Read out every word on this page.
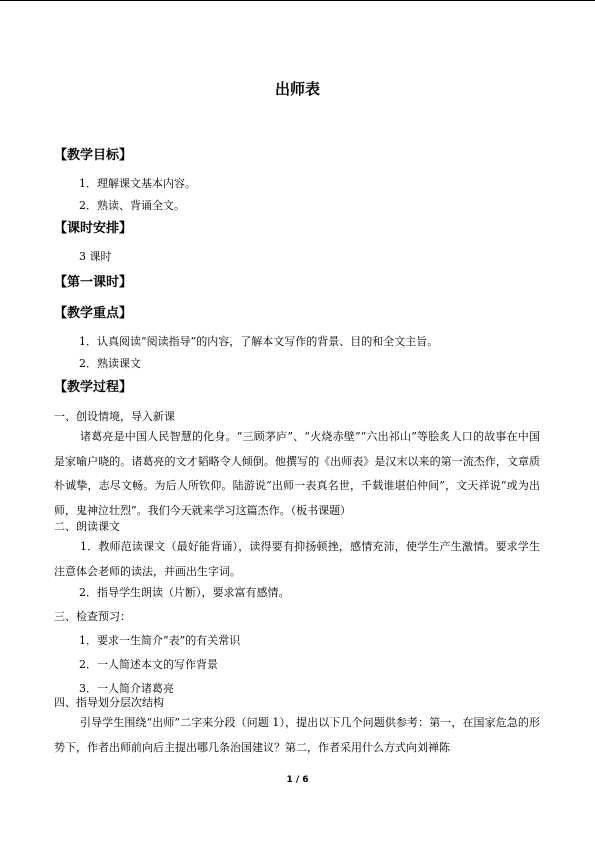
出师表
【教学目标】
1．理解课文基本内容。
2．熟读、背诵全文。
【课时安排】
3 课时
【第一课时】
【教学重点】
1．认真阅读“阅读指导”的内容，了解本文写作的背景、目的和全文主旨。
2．熟读课文
【教学过程】
一、创设情境，导入新课

诸葛亮是中国人民智慧的化身。“三顾茅庐”、“火烧赤壁”“六出祁山”等脍炙人口的故事在中国是家喻户晓的。诸葛亮的文才韬略令人倾倒。他撰写的《出师表》是汉末以来的第一流杰作，文章质朴诚挚，志尽文畅。为后人所钦仰。陆游说“出师一表真名世，千载谁堪伯仲间”，文天祥说“或为出师，鬼神泣壮烈”。我们今天就来学习这篇杰作。（板书课题）

二、朗读课文

1．教师范读课文（最好能背诵），读得要有抑扬顿挫，感情充沛，使学生产生激情。要求学生注意体会老师的读法，并画出生字词。

2．指导学生朗读（片断），要求富有感情。
三、检查预习：
1．要求一生简介“表”的有关常识
2．一人简述本文的写作背景
3．一人简介诸葛亮
四、指导划分层次结构

引导学生围绕“出师”二字来分段（问题 1），提出以下几个问题供参考：第一，在国家危急的形势下，作者出师前向后主提出哪几条治国建议？第二，作者采用什么方式向刘禅陈

1 / 6
